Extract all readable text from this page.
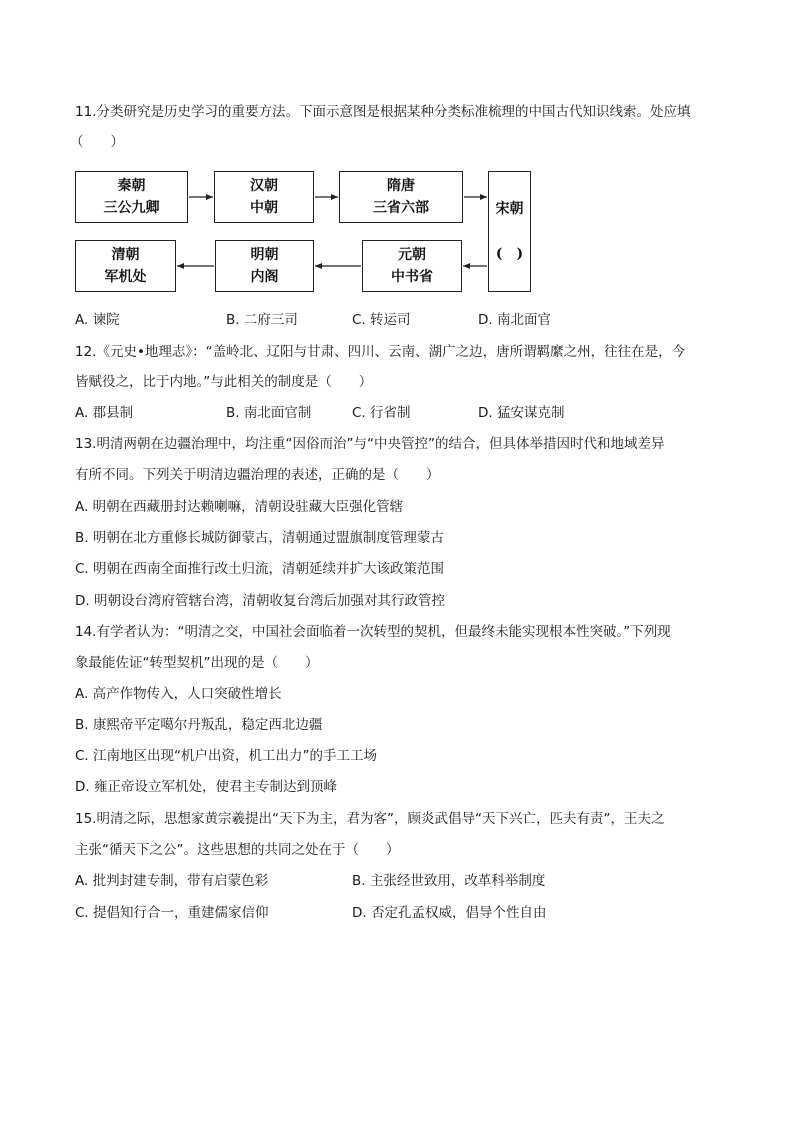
11.分类研究是历史学习的重要方法。下面示意图是根据某种分类标准梳理的中国古代知识线索。处应填
（　　）
秦朝
三公九卿
汉朝
中朝
隋唐
三省六部	宋朝
(　)
元朝
中书省
明朝
内阁
清朝
军机处
A. 谏院	B. 二府三司	C. 转运司	D. 南北面官
12.《元史•地理志》：“盖岭北、辽阳与甘肃、四川、云南、湖广之边，唐所谓羁縻之州，往往在是，今
皆赋役之，比于内地。”与此相关的制度是（　　）
A. 郡县制	B. 南北面官制	C. 行省制	D. 猛安谋克制
13.明清两朝在边疆治理中，均注重“因俗而治”与“中央管控”的结合，但具体举措因时代和地域差异
有所不同。下列关于明清边疆治理的表述，正确的是（　　）
A. 明朝在西藏册封达赖喇嘛，清朝设驻藏大臣强化管辖
B. 明朝在北方重修长城防御蒙古，清朝通过盟旗制度管理蒙古
C. 明朝在西南全面推行改土归流，清朝延续并扩大该政策范围
D. 明朝设台湾府管辖台湾，清朝收复台湾后加强对其行政管控
14.有学者认为：“明清之交，中国社会面临着一次转型的契机，但最终未能实现根本性突破。”下列现
象最能佐证“转型契机”出现的是（　　）
A. 高产作物传入，人口突破性增长
B. 康熙帝平定噶尔丹叛乱，稳定西北边疆
C. 江南地区出现“机户出资，机工出力”的手工工场
D. 雍正帝设立军机处，使君主专制达到顶峰
15.明清之际，思想家黄宗羲提出“天下为主，君为客”，顾炎武倡导“天下兴亡，匹夫有责”，王夫之
主张“循天下之公”。这些思想的共同之处在于（　　）
A. 批判封建专制，带有启蒙色彩	B. 主张经世致用，改革科举制度
C. 提倡知行合一，重建儒家信仰	D. 否定孔孟权威，倡导个性自由
